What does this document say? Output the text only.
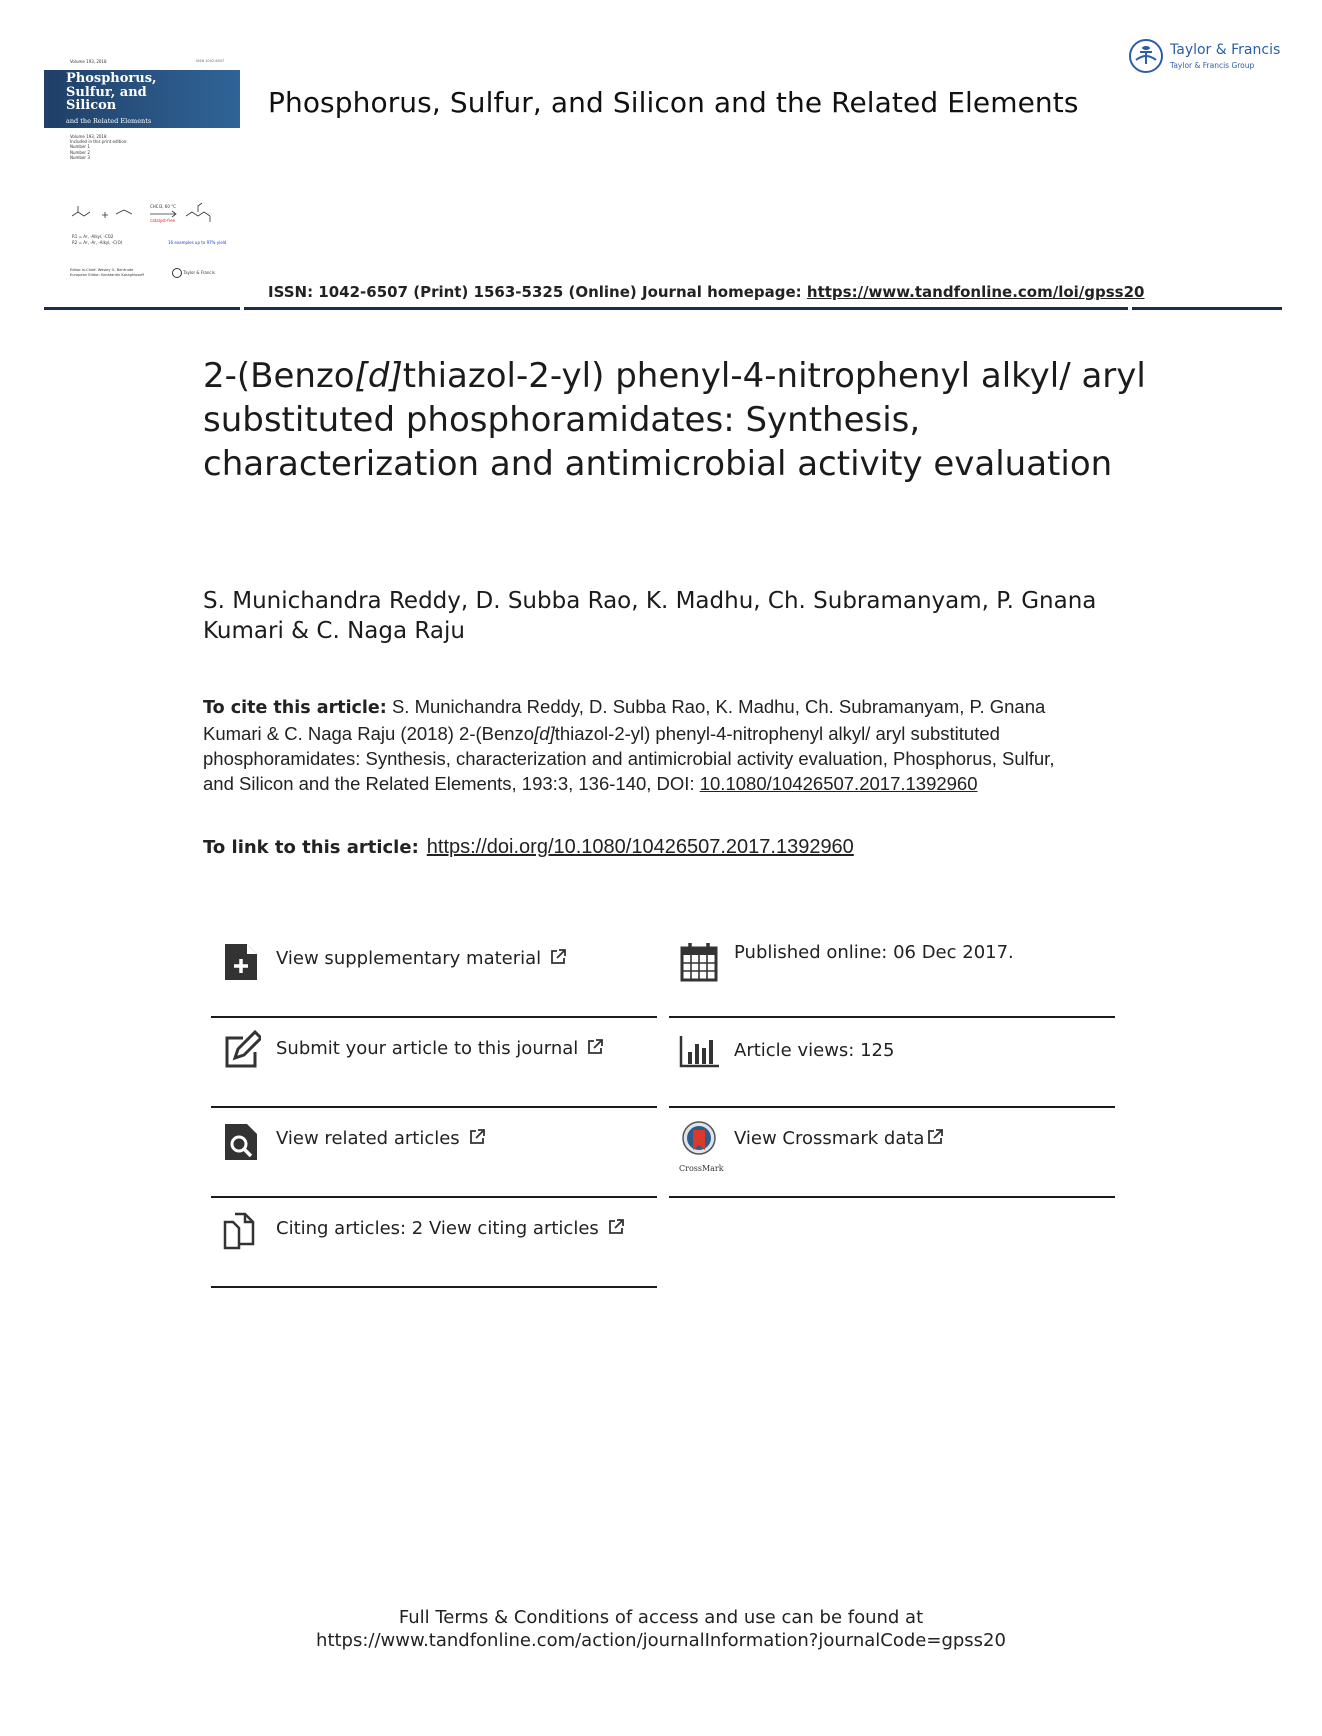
Volume 193, 2018	ISSN 1042-6507
Phosphorus, Sulfur, and Silicon
and the Related Elements
Volume 193, 2018
Included in this print edition:
Number 1
Number 2
Number 3
CHCl3, 60 °C
catalyst-free
R1 = Ar, -Alkyl, -CO2
R2 = Ar, -Ar, -Alkyl, -C(O)	16 examples up to 97% yield
Editor-in-Chief: Wesley G. Bentrude
European Editor: Konstantin Karaghiosoff	Taylor & Francis
Phosphorus, Sulfur, and Silicon and the Related Elements
Taylor & Francis
Taylor & Francis Group
ISSN: 1042-6507 (Print) 1563-5325 (Online) Journal homepage: https://www.tandfonline.com/loi/gpss20
2-(Benzo[d]thiazol-2-yl) phenyl-4-nitrophenyl alkyl/ aryl substituted phosphoramidates: Synthesis, characterization and antimicrobial activity evaluation
S. Munichandra Reddy, D. Subba Rao, K. Madhu, Ch. Subramanyam, P. Gnana Kumari & C. Naga Raju
To cite this article: S. Munichandra Reddy, D. Subba Rao, K. Madhu, Ch. Subramanyam, P. Gnana Kumari & C. Naga Raju (2018) 2-(Benzo[d]thiazol-2-yl) phenyl-4-nitrophenyl alkyl/ aryl substituted phosphoramidates: Synthesis, characterization and antimicrobial activity evaluation, Phosphorus, Sulfur, and Silicon and the Related Elements, 193:3, 136-140, DOI: 10.1080/10426507.2017.1392960
To link to this article: https://doi.org/10.1080/10426507.2017.1392960
View supplementary material
Submit your article to this journal
View related articles
Citing articles: 2 View citing articles
Published online: 06 Dec 2017.
Article views: 125
CrossMark
View Crossmark data
Full Terms & Conditions of access and use can be found at
https://www.tandfonline.com/action/journalInformation?journalCode=gpss20
